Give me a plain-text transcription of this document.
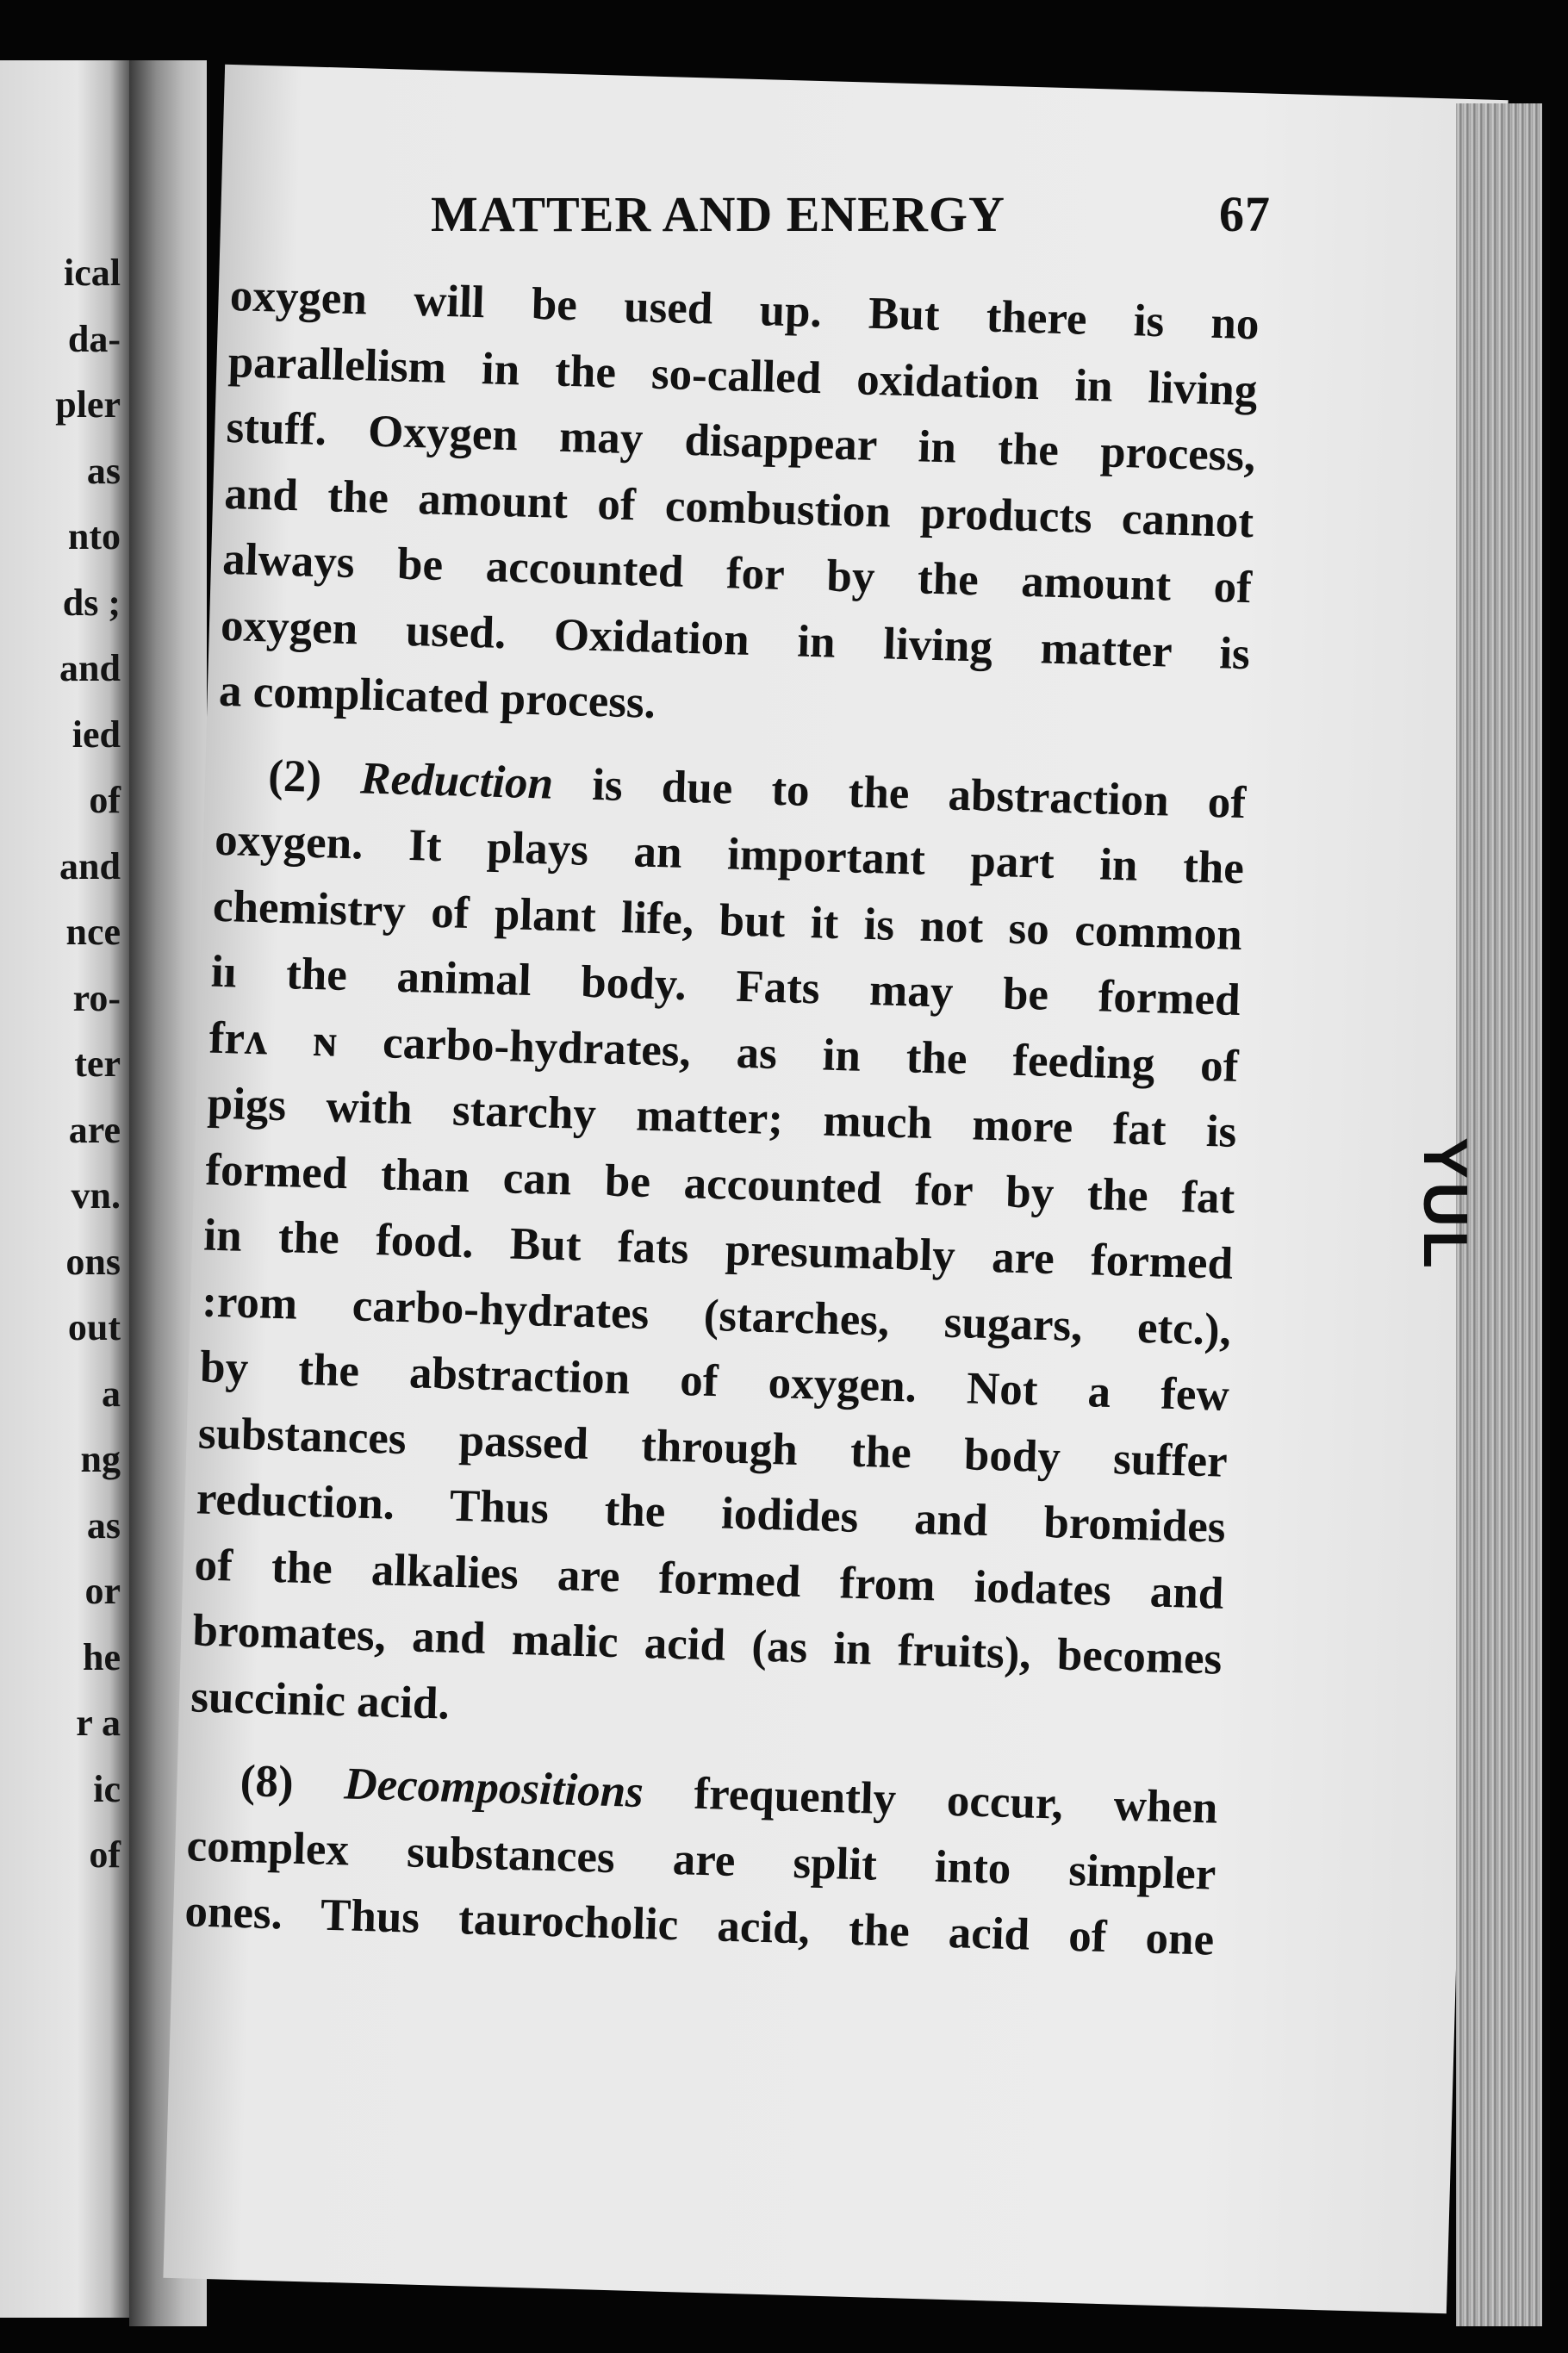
ical
da-
pler
as
nto
ds ;
and
ied
of
and
nce
ro-
ter
are
vn.
ons
out
a
ng
as
or
he
r a
ic
of
YUL
MATTER AND ENERGY	67
oxygen will be used up. But there is no
parallelism in the so-called oxidation in living
stuff. Oxygen may disappear in the process,
and the amount of combustion products cannot
always be accounted for by the amount of
oxygen used. Oxidation in living matter is
a complicated process.
(2) Reduction is due to the abstraction of
oxygen. It plays an important part in the
chemistry of plant life, but it is not so common
iı the animal body. Fats may be formed
frʌ ɴ carbo-hydrates, as in the feeding of
pigs with starchy matter; much more fat is
formed than can be accounted for by the fat
in the food. But fats presumably are formed
:rom carbo-hydrates (starches, sugars, etc.),
by the abstraction of oxygen. Not a few
substances passed through the body suffer
reduction. Thus the iodides and bromides
of the alkalies are formed from iodates and
bromates, and malic acid (as in fruits), becomes
succinic acid.
(8) Decompositions frequently occur, when
complex substances are split into simpler
ones. Thus taurocholic acid, the acid of one
